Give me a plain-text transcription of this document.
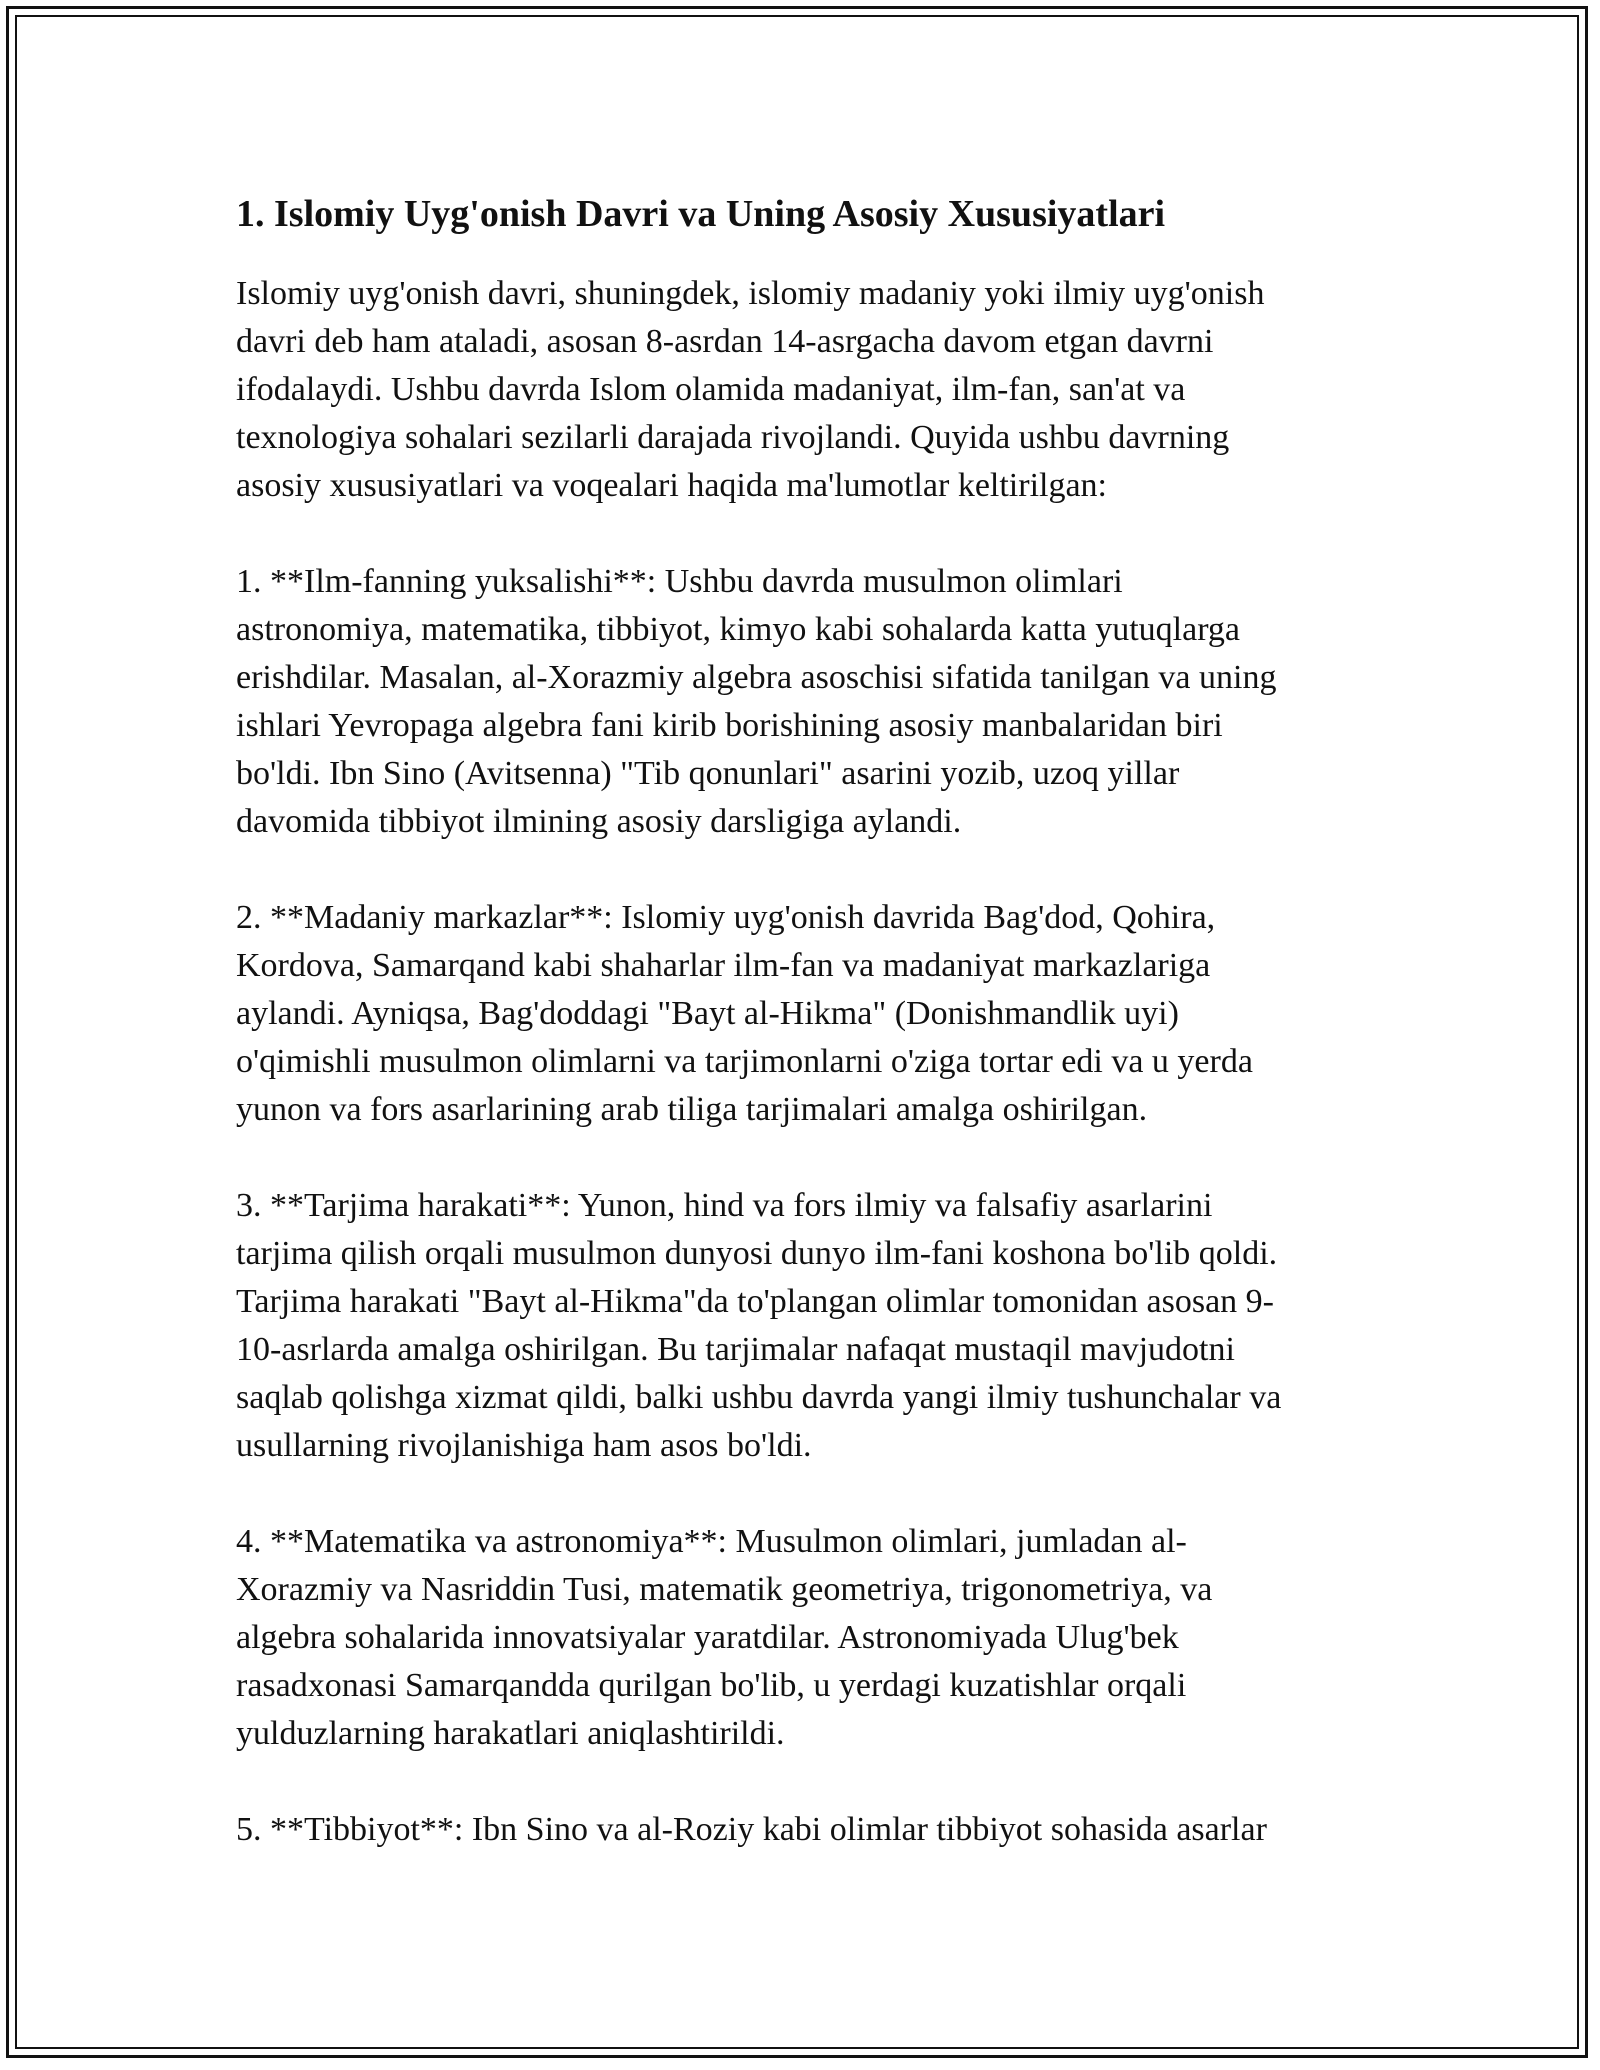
1. Islomiy Uyg'onish Davri va Uning Asosiy Xususiyatlari
Islomiy uyg'onish davri, shuningdek, islomiy madaniy yoki ilmiy uyg'onish
davri deb ham ataladi, asosan 8-asrdan 14-asrgacha davom etgan davrni
ifodalaydi. Ushbu davrda Islom olamida madaniyat, ilm-fan, san'at va
texnologiya sohalari sezilarli darajada rivojlandi. Quyida ushbu davrning
asosiy xususiyatlari va voqealari haqida ma'lumotlar keltirilgan:
1. **Ilm-fanning yuksalishi**: Ushbu davrda musulmon olimlari
astronomiya, matematika, tibbiyot, kimyo kabi sohalarda katta yutuqlarga
erishdilar. Masalan, al-Xorazmiy algebra asoschisi sifatida tanilgan va uning
ishlari Yevropaga algebra fani kirib borishining asosiy manbalaridan biri
bo'ldi. Ibn Sino (Avitsenna) "Tib qonunlari" asarini yozib, uzoq yillar
davomida tibbiyot ilmining asosiy darsligiga aylandi.
2. **Madaniy markazlar**: Islomiy uyg'onish davrida Bag'dod, Qohira,
Kordova, Samarqand kabi shaharlar ilm-fan va madaniyat markazlariga
aylandi. Ayniqsa, Bag'doddagi "Bayt al-Hikma" (Donishmandlik uyi)
o'qimishli musulmon olimlarni va tarjimonlarni o'ziga tortar edi va u yerda
yunon va fors asarlarining arab tiliga tarjimalari amalga oshirilgan.
3. **Tarjima harakati**: Yunon, hind va fors ilmiy va falsafiy asarlarini
tarjima qilish orqali musulmon dunyosi dunyo ilm-fani koshona bo'lib qoldi.
Tarjima harakati "Bayt al-Hikma"da to'plangan olimlar tomonidan asosan 9-
10-asrlarda amalga oshirilgan. Bu tarjimalar nafaqat mustaqil mavjudotni
saqlab qolishga xizmat qildi, balki ushbu davrda yangi ilmiy tushunchalar va
usullarning rivojlanishiga ham asos bo'ldi.
4. **Matematika va astronomiya**: Musulmon olimlari, jumladan al-
Xorazmiy va Nasriddin Tusi, matematik geometriya, trigonometriya, va
algebra sohalarida innovatsiyalar yaratdilar. Astronomiyada Ulug'bek
rasadxonasi Samarqandda qurilgan bo'lib, u yerdagi kuzatishlar orqali
yulduzlarning harakatlari aniqlashtirildi.
5. **Tibbiyot**: Ibn Sino va al-Roziy kabi olimlar tibbiyot sohasida asarlar
